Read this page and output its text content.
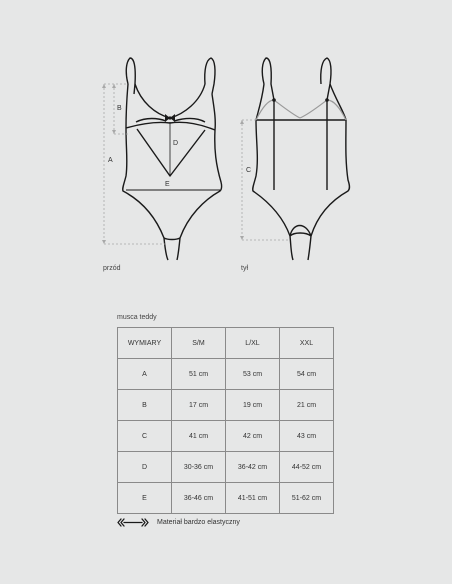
A
B
D
E
C
przód	tył
musca teddy
WYMIARY	S/M	L/XL	XXL
A	51 cm	53 cm	54 cm
B	17 cm	19 cm	21 cm
C	41 cm	42 cm	43 cm
D	30-36 cm	36-42 cm	44-52 cm
E	36-46 cm	41-51 cm	51-62 cm
Materiał bardzo elastyczny
